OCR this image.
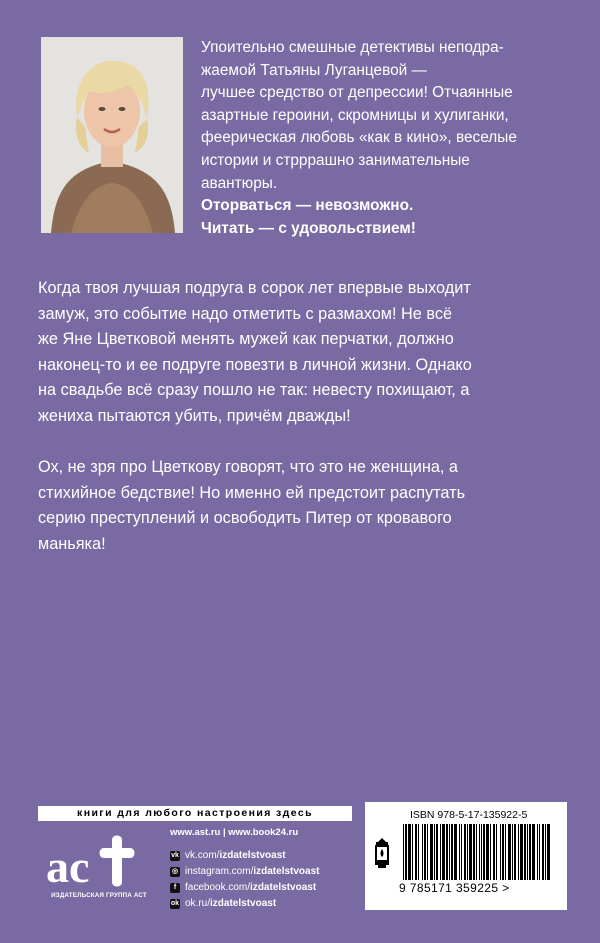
Упоительно смешные детективы неподра-

жаемой Татьяны Луганцевой —

лучшее средство от депрессии! Отчаянные

азартные героини, скромницы и хулиганки,

феерическая любовь «как в кино», веселые

истории и стрррашно занимательные

авантюры.

Оторваться — невозможно.
Читать — с удовольствием!
Когда твоя лучшая подруга в сорок лет впервые выходит
замуж, это событие надо отметить с размахом! Не всё
же Яне Цветковой менять мужей как перчатки, должно
наконец-то и ее подруге повезти в личной жизни. Однако
на свадьбе всё сразу пошло не так: невесту похищают, а
жениха пытаются убить, причём дважды!
Ох, не зря про Цветкову говорят, что это не женщина, а
стихийное бедствие! Но именно ей предстоит распутать
серию преступлений и освободить Питер от кровавого
маньяка!
книги для любого настроения здесь
ac
ИЗДАТЕЛЬСКАЯ ГРУППА АСТ
www.ast.ru | www.book24.ru
vk vk.com/izdatelstvoast
◎ instagram.com/izdatelstvoast
f facebook.com/izdatelstvoast
ok ok.ru/izdatelstvoast
ISBN 978-5-17-135922-5
9 785171 359225 >
